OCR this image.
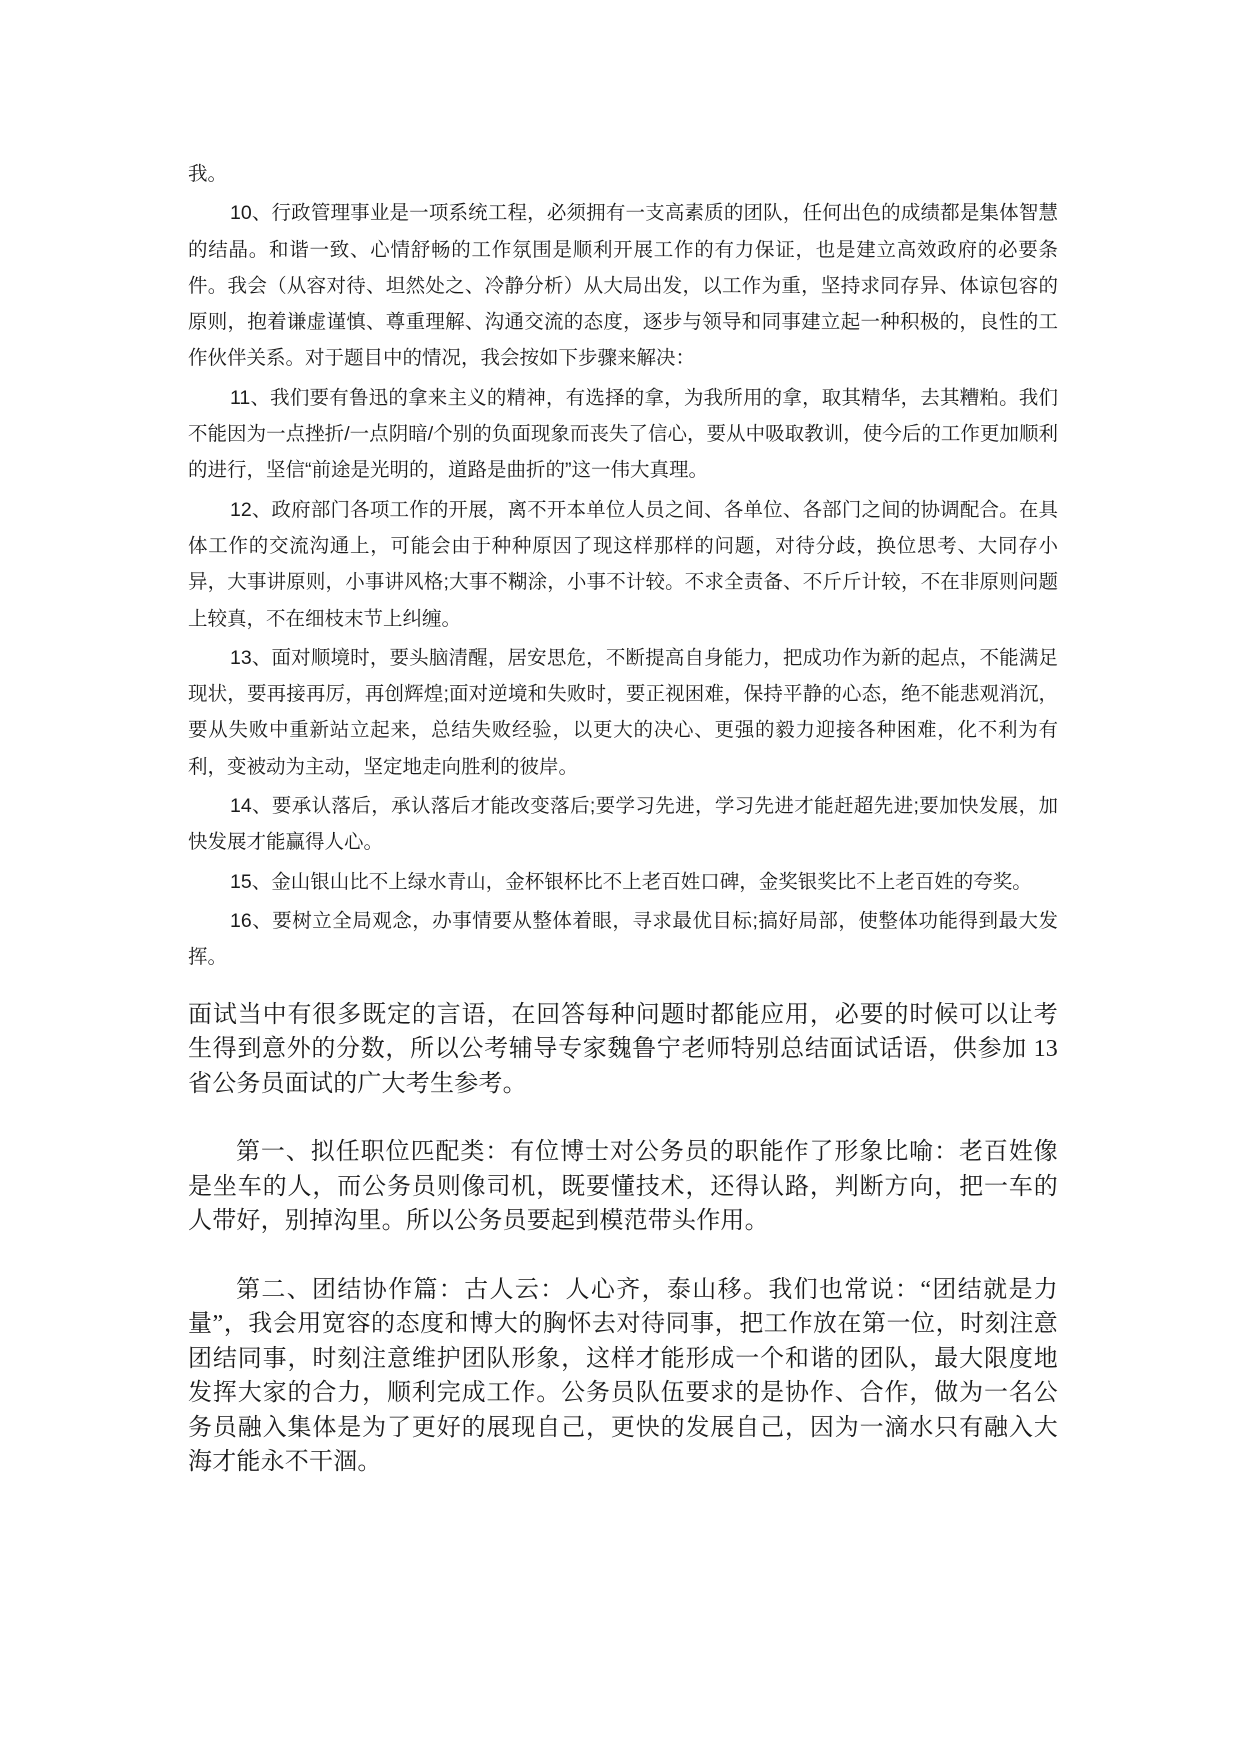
我。

10、行政管理事业是一项系统工程，必须拥有一支高素质的团队，任何出色的成绩都是集体智慧的结晶。和谐一致、心情舒畅的工作氛围是顺利开展工作的有力保证，也是建立高效政府的必要条件。我会（从容对待、坦然处之、冷静分析）从大局出发，以工作为重，坚持求同存异、体谅包容的原则，抱着谦虚谨慎、尊重理解、沟通交流的态度，逐步与领导和同事建立起一种积极的，良性的工作伙伴关系。对于题目中的情况，我会按如下步骤来解决：

11、我们要有鲁迅的拿来主义的精神，有选择的拿，为我所用的拿，取其精华，去其糟粕。我们不能因为一点挫折/一点阴暗/个别的负面现象而丧失了信心，要从中吸取教训，使今后的工作更加顺利的进行，坚信“前途是光明的，道路是曲折的”这一伟大真理。

12、政府部门各项工作的开展，离不开本单位人员之间、各单位、各部门之间的协调配合。在具体工作的交流沟通上，可能会由于种种原因了现这样那样的问题，对待分歧，换位思考、大同存小异，大事讲原则，小事讲风格;大事不糊涂，小事不计较。不求全责备、不斤斤计较，不在非原则问题上较真，不在细枝末节上纠缠。

13、面对顺境时，要头脑清醒，居安思危，不断提高自身能力，把成功作为新的起点，不能满足现状，要再接再厉，再创辉煌;面对逆境和失败时，要正视困难，保持平静的心态，绝不能悲观消沉，要从失败中重新站立起来，总结失败经验，以更大的决心、更强的毅力迎接各种困难，化不利为有利，变被动为主动，坚定地走向胜利的彼岸。

14、要承认落后，承认落后才能改变落后;要学习先进，学习先进才能赶超先进;要加快发展，加快发展才能赢得人心。

15、金山银山比不上绿水青山，金杯银杯比不上老百姓口碑，金奖银奖比不上老百姓的夸奖。

16、要树立全局观念，办事情要从整体着眼，寻求最优目标;搞好局部，使整体功能得到最大发挥。

面试当中有很多既定的言语，在回答每种问题时都能应用，必要的时候可以让考生得到意外的分数，所以公考辅导专家魏鲁宁老师特别总结面试话语，供参加 13 省公务员面试的广大考生参考。

第一、拟任职位匹配类：有位博士对公务员的职能作了形象比喻：老百姓像是坐车的人，而公务员则像司机，既要懂技术，还得认路，判断方向，把一车的人带好，别掉沟里。所以公务员要起到模范带头作用。

第二、团结协作篇：古人云：人心齐，泰山移。我们也常说：“团结就是力量”，我会用宽容的态度和博大的胸怀去对待同事，把工作放在第一位，时刻注意团结同事，时刻注意维护团队形象，这样才能形成一个和谐的团队，最大限度地发挥大家的合力，顺利完成工作。公务员队伍要求的是协作、合作，做为一名公务员融入集体是为了更好的展现自己，更快的发展自己，因为一滴水只有融入大海才能永不干涸。
